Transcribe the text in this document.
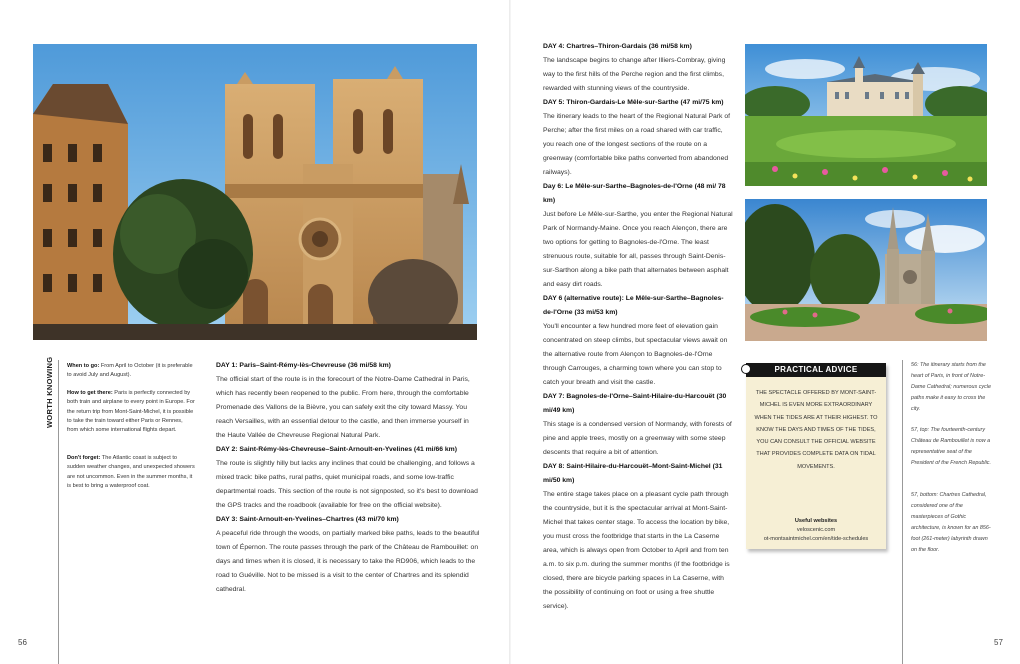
WORTH KNOWING When to go: From April to October (it is preferable to avoid July and August).
How to get there: Paris is perfectly connected by both train and airplane to every point in Europe. For the return trip from Mont-Saint-Michel, it is possible to take the train toward either Paris or Rennes, from which some international flights depart.
Don't forget: The Atlantic coast is subject to sudden weather changes, and unexpected showers are not uncommon. Even in the summer months, it is best to bring a waterproof coat.

DAY 1: Paris–Saint-Rémy-lès-Chevreuse (36 mi/58 km)

The official start of the route is in the forecourt of the Notre-Dame Cathedral in Paris, which has recently been reopened to the public. From here, through the comfortable Promenade des Vallons de la Bièvre, you can safely exit the city toward Massy. You reach Versailles, with an essential detour to the castle, and then immerse yourself in the Haute Vallée de Chevreuse Regional Natural Park.

DAY 2: Saint-Rémy-lès-Chevreuse–Saint-Arnoult-en-Yvelines (41 mi/66 km)

The route is slightly hilly but lacks any inclines that could be challenging, and follows a mixed track: bike paths, rural paths, quiet municipal roads, and some low-traffic departmental roads. This section of the route is not signposted, so it's best to download the GPS tracks and the roadbook (available for free on the official website).

DAY 3: Saint-Arnoult-en-Yvelines–Chartres (43 mi/70 km)

A peaceful ride through the woods, on partially marked bike paths, leads to the beautiful town of Épernon. The route passes through the park of the Château de Rambouillet: on days and times when it is closed, it is necessary to take the RD906, which leads to the road to Guéville. Not to be missed is a visit to the center of Chartres and its splendid cathedral.

DAY 4: Chartres–Thiron-Gardais (36 mi/58 km)

The landscape begins to change after Illiers-Combray, giving way to the first hills of the Perche region and the first climbs, rewarded with stunning views of the countryside.

DAY 5: Thiron-Gardais-Le Mêle-sur-Sarthe (47 mi/75 km)

The itinerary leads to the heart of the Regional Natural Park of Perche; after the first miles on a road shared with car traffic, you reach one of the longest sections of the route on a greenway (comfortable bike paths converted from abandoned railways).

Day 6: Le Mêle-sur-Sarthe–Bagnoles-de-l'Orne (48 mi/ 78 km)

Just before Le Mêle-sur-Sarthe, you enter the Regional Natural Park of Normandy-Maine. Once you reach Alençon, there are two options for getting to Bagnoles-de-l'Orne. The least strenuous route, suitable for all, passes through Saint-Denis-sur-Sarthon along a bike path that alternates between asphalt and easy dirt roads.

DAY 6 (alternative route): Le Mêle-sur-Sarthe–Bagnoles-de-l'Orne (33 mi/53 km)

You'll encounter a few hundred more feet of elevation gain concentrated on steep climbs, but spectacular views await on the alternative route from Alençon to Bagnoles-de-l'Orne through Carrouges, a charming town where you can stop to catch your breath and visit the castle.

DAY 7: Bagnoles-de-l'Orne–Saint-Hilaire-du-Harcouët (30 mi/49 km)

This stage is a condensed version of Normandy, with forests of pine and apple trees, mostly on a greenway with some steep descents that require a bit of attention.

DAY 8: Saint-Hilaire-du-Harcouët–Mont-Saint-Michel (31 mi/50 km)

The entire stage takes place on a pleasant cycle path through the countryside, but it is the spectacular arrival at Mont-Saint-Michel that takes center stage. To access the location by bike, you must cross the footbridge that starts in the La Caserne area, which is always open from October to April and from ten a.m. to six p.m. during the summer months (if the footbridge is closed, there are bicycle parking spaces in La Caserne, with the possibility of continuing on foot or using a free shuttle service).

PRACTICAL ADVICE
THE SPECTACLE OFFERED BY MONT-SAINT-MICHEL IS EVEN MORE EXTRAORDINARY WHEN THE TIDES ARE AT THEIR HIGHEST. TO KNOW THE DAYS AND TIMES OF THE TIDES, YOU CAN CONSULT THE OFFICIAL WEBSITE THAT PROVIDES COMPLETE DATA ON TIDAL MOVEMENTS.
Useful websites
veloscenic.com
ot-montsaintmichel.com/en/tide-schedules
56: The itinerary starts from the heart of Paris, in front of Notre-Dame Cathedral; numerous cycle paths make it easy to cross the city.
57, top: The fourteenth-century Château de Rambouillet is now a representative seat of the President of the French Republic.
57, bottom: Chartres Cathedral, considered one of the masterpieces of Gothic architecture, is known for an 856-foot (261-meter) labyrinth drawn on the floor.
56	57
